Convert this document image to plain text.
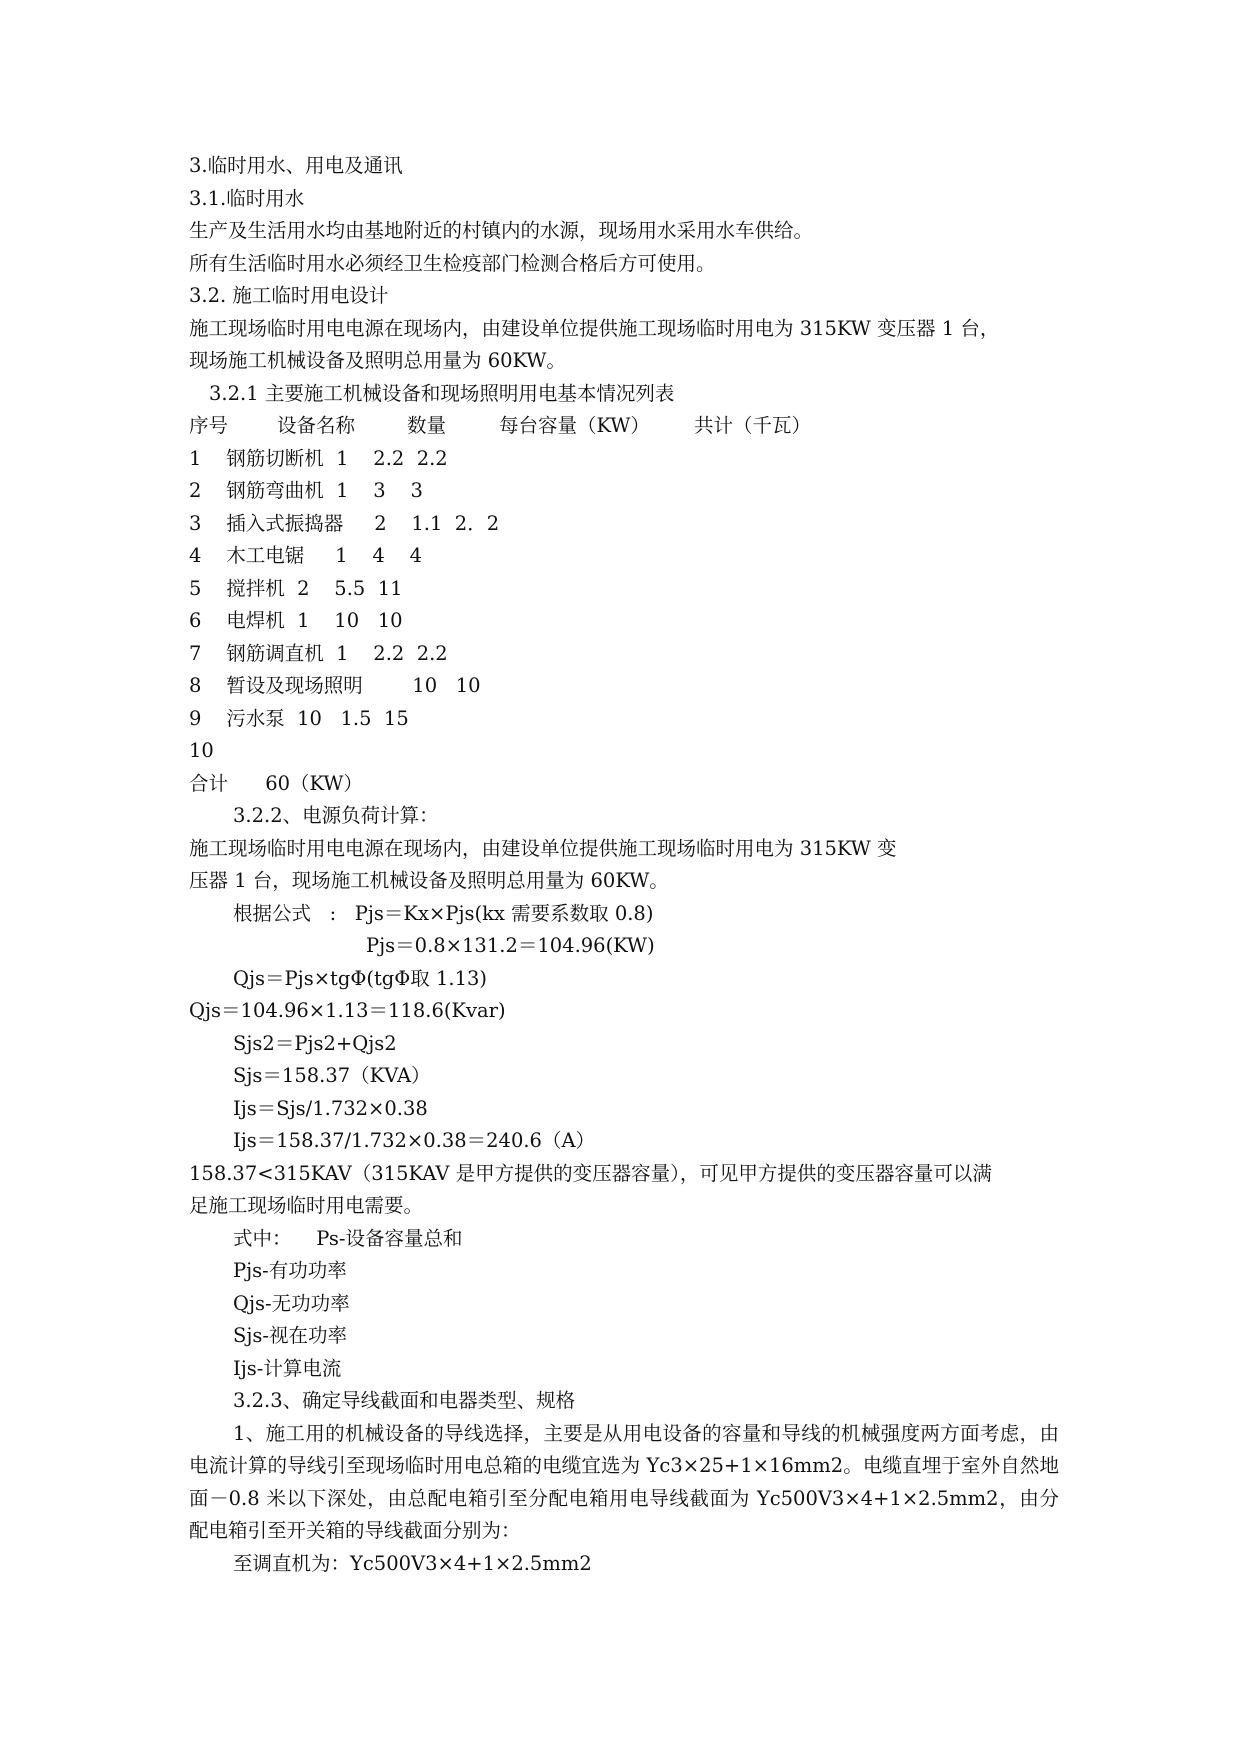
3.临时用水、用电及通讯
3.1.临时用水
生产及生活用水均由基地附近的村镇内的水源，现场用水采用水车供给。
所有生活临时用水必须经卫生检疫部门检测合格后方可使用。
3.2. 施工临时用电设计
施工现场临时用电电源在现场内，由建设单位提供施工现场临时用电为 315KW 变压器 1 台，
现场施工机械设备及照明总用量为 60KW。
3.2.1 主要施工机械设备和现场照明用电基本情况列表
序号	设备名称	数量	每台容量（KW）	共计（千瓦）
1    钢筋切断机  1    2.2  2.2
2    钢筋弯曲机  1    3    3
3    插入式振捣器     2    1.1  2．2
4    木工电锯     1    4    4
5    搅拌机  2    5.5  11
6    电焊机  1    10   10
7    钢筋调直机  1    2.2  2.2
8    暂设及现场照明        10   10
9    污水泵  10   1.5  15
10
合计      60（KW）
3.2.2、电源负荷计算：
施工现场临时用电电源在现场内，由建设单位提供施工现场临时用电为 315KW 变
压器 1 台，现场施工机械设备及照明总用量为 60KW。
根据公式   :   Pjs＝Kx×Pjs(kx 需要系数取 0.8)
Pjs＝0.8×131.2＝104.96(KW)
Qjs＝Pjs×tgΦ(tgΦ取 1.13)
Qjs＝104.96×1.13＝118.6(Kvar)
Sjs2＝Pjs2+Qjs2
Sjs＝158.37（KVA）
Ijs＝Sjs/1.732×0.38
Ijs＝158.37/1.732×0.38＝240.6（A）
158.37<315KAV（315KAV 是甲方提供的变压器容量），可见甲方提供的变压器容量可以满
足施工现场临时用电需要。
式中：    Ps-设备容量总和
Pjs-有功功率
Qjs-无功功率
Sjs-视在功率
Ijs-计算电流
3.2.3、确定导线截面和电器类型、规格
1、施工用的机械设备的导线选择，主要是从用电设备的容量和导线的机械强度两方面考虑，由电流计算的导线引至现场临时用电总箱的电缆宜选为 Yc3×25+1×16mm2。电缆直埋于室外自然地面－0.8 米以下深处，由总配电箱引至分配电箱用电导线截面为 Yc500V3×4+1×2.5mm2，由分配电箱引至开关箱的导线截面分别为：
至调直机为：Yc500V3×4+1×2.5mm2
